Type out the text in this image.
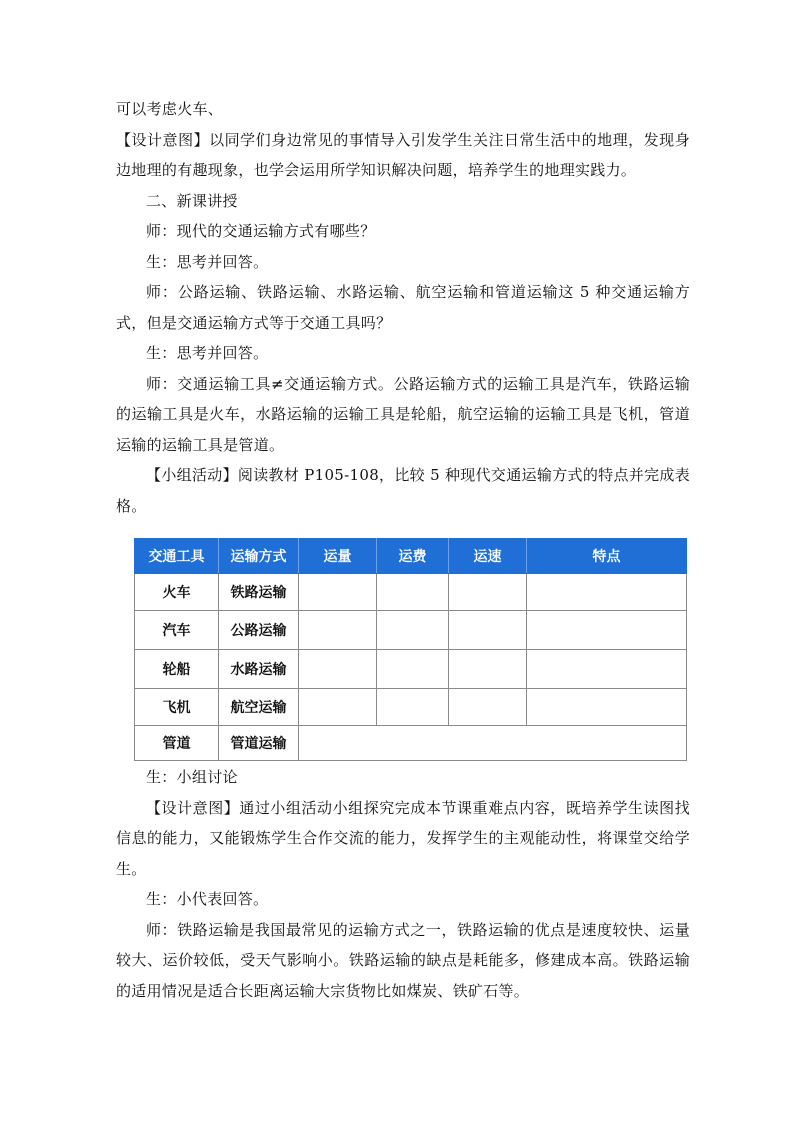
可以考虑火车、

【设计意图】以同学们身边常见的事情导入引发学生关注日常生活中的地理，发现身边地理的有趣现象，也学会运用所学知识解决问题，培养学生的地理实践力。

二、新课讲授

师：现代的交通运输方式有哪些？

生：思考并回答。

师：公路运输、铁路运输、水路运输、航空运输和管道运输这 5 种交通运输方式，但是交通运输方式等于交通工具吗？

生：思考并回答。

师：交通运输工具≠交通运输方式。公路运输方式的运输工具是汽车，铁路运输的运输工具是火车，水路运输的运输工具是轮船，航空运输的运输工具是飞机，管道运输的运输工具是管道。

【小组活动】阅读教材 P105-108，比较 5 种现代交通运输方式的特点并完成表格。

交通工具	运输方式	运量	运费	运速	特点
火车	铁路运输				
汽车	公路运输				
轮船	水路运输				
飞机	航空运输				
管道	管道运输				

生：小组讨论

【设计意图】通过小组活动小组探究完成本节课重难点内容，既培养学生读图找信息的能力，又能锻炼学生合作交流的能力，发挥学生的主观能动性，将课堂交给学生。

生：小代表回答。

师：铁路运输是我国最常见的运输方式之一，铁路运输的优点是速度较快、运量较大、运价较低，受天气影响小。铁路运输的缺点是耗能多，修建成本高。铁路运输的适用情况是适合长距离运输大宗货物比如煤炭、铁矿石等。
